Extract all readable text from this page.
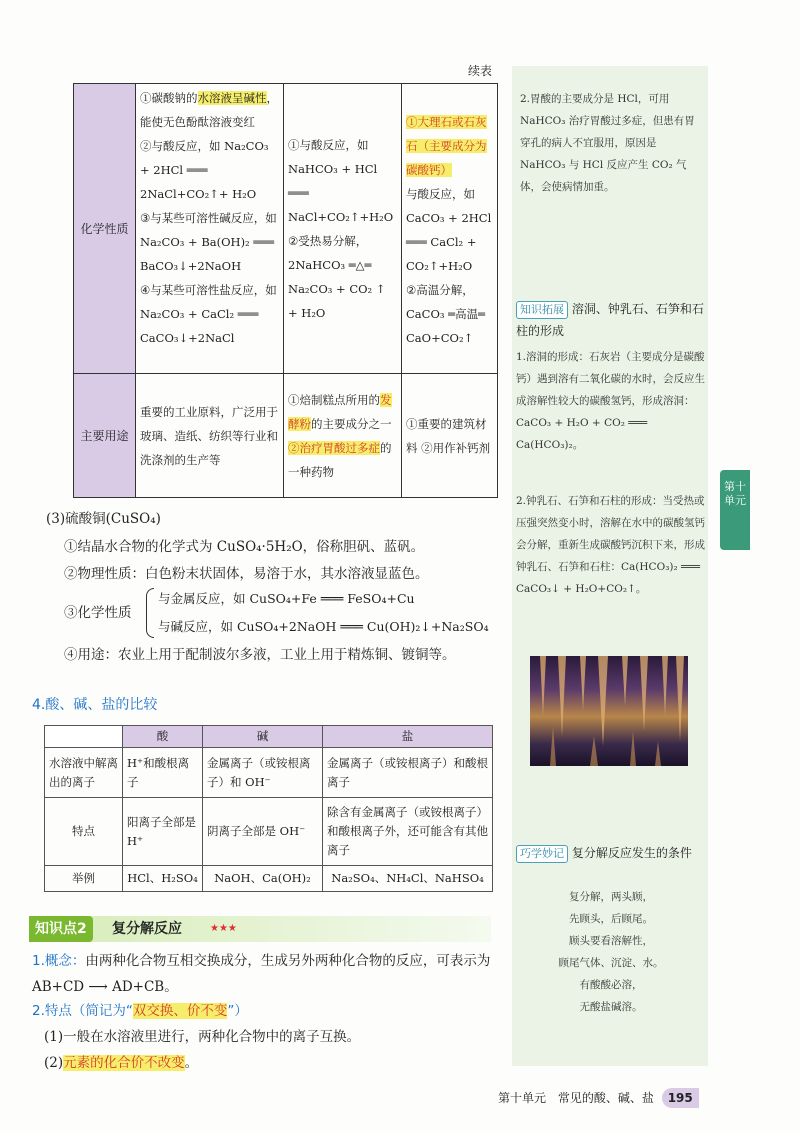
续表
化学性质	①碳酸钠的水溶液呈碱性，能使无色酚酞溶液变红
②与酸反应，如 Na₂CO₃ + 2HCl ═══ 2NaCl+CO₂↑+ H₂O
③与某些可溶性碱反应，如 Na₂CO₃ + Ba(OH)₂ ═══ BaCO₃↓+2NaOH
④与某些可溶性盐反应，如 Na₂CO₃ + CaCl₂ ═══ CaCO₃↓+2NaCl	①与酸反应，如 NaHCO₃ + HCl ═══ NaCl+CO₂↑+H₂O
②受热易分解，2NaHCO₃ ═△═ Na₂CO₃ + CO₂ ↑ + H₂O	①大理石或石灰石（主要成分为碳酸钙）
与酸反应，如 CaCO₃ + 2HCl ═══ CaCl₂ + CO₂↑+H₂O
②高温分解，CaCO₃ ═高温═ CaO+CO₂↑
主要用途	重要的工业原料，广泛用于玻璃、造纸、纺织等行业和洗涤剂的生产等	①焙制糕点所用的发酵粉的主要成分之一
②治疗胃酸过多症的一种药物	①重要的建筑材料 ②用作补钙剂
(3)硫酸铜(CuSO₄)
①结晶水合物的化学式为 CuSO₄·5H₂O，俗称胆矾、蓝矾。
②物理性质：白色粉末状固体，易溶于水，其水溶液显蓝色。
③化学性质
与金属反应，如 CuSO₄+Fe ═══ FeSO₄+Cu
与碱反应，如 CuSO₄+2NaOH ═══ Cu(OH)₂↓+Na₂SO₄
④用途：农业上用于配制波尔多液，工业上用于精炼铜、镀铜等。
4.酸、碱、盐的比较
	酸	碱	盐
水溶液中解离出的离子	H⁺和酸根离子	金属离子（或铵根离子）和 OH⁻	金属离子（或铵根离子）和酸根离子
特点	阳离子全部是 H⁺	阴离子全部是 OH⁻	除含有金属离子（或铵根离子）和酸根离子外，还可能含有其他离子
举例	HCl、H₂SO₄	NaOH、Ca(OH)₂	Na₂SO₄、NH₄Cl、NaHSO₄
知识点2	复分解反应	★★★
1.概念：由两种化合物互相交换成分，生成另外两种化合物的反应，可表示为 AB+CD ⟶ AD+CB。
2.特点（简记为“双交换、价不变”）
(1)一般在水溶液里进行，两种化合物中的离子互换。
(2)元素的化合价不改变。
2.胃酸的主要成分是 HCl，可用 NaHCO₃ 治疗胃酸过多症，但患有胃穿孔的病人不宜服用，原因是 NaHCO₃ 与 HCl 反应产生 CO₂ 气体，会使病情加重。
知识拓展 溶洞、钟乳石、石笋和石柱的形成
1.溶洞的形成：石灰岩（主要成分是碳酸钙）遇到溶有二氧化碳的水时，会反应生成溶解性较大的碳酸氢钙，形成溶洞：CaCO₃ + H₂O + CO₂ ═══ Ca(HCO₃)₂。
2.钟乳石、石笋和石柱的形成：当受热或压强突然变小时，溶解在水中的碳酸氢钙会分解，重新生成碳酸钙沉积下来，形成钟乳石、石笋和石柱：Ca(HCO₃)₂ ═══ CaCO₃↓ + H₂O+CO₂↑。
巧学妙记 复分解反应发生的条件
复分解，两头顾，
先顾头，后顾尾。
顾头要看溶解性，
顾尾气体、沉淀、水。
有酸酸必溶，
无酸盐碱溶。
第十单元
第十单元 常见的酸、碱、盐 195
